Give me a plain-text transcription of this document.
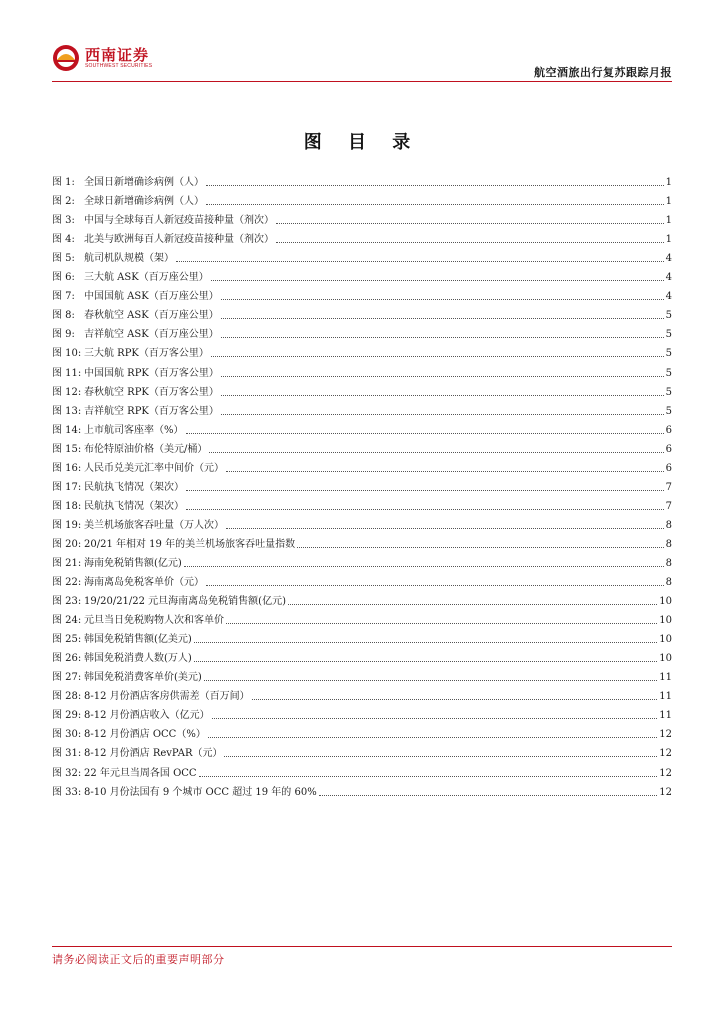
西南证券
SOUTHWEST SECURITIES
航空酒旅出行复苏跟踪月报
图 目 录
图 1: 全国日新增确诊病例（人）	1
图 2: 全球日新增确诊病例（人）	1
图 3: 中国与全球每百人新冠疫苗接种量（剂次）	1
图 4: 北美与欧洲每百人新冠疫苗接种量（剂次）	1
图 5: 航司机队规模（架）	4
图 6: 三大航 ASK（百万座公里）	4
图 7: 中国国航 ASK（百万座公里）	4
图 8: 春秋航空 ASK（百万座公里）	5
图 9: 吉祥航空 ASK（百万座公里）	5
图 10: 三大航 RPK（百万客公里）	5
图 11: 中国国航 RPK（百万客公里）	5
图 12: 春秋航空 RPK（百万客公里）	5
图 13: 吉祥航空 RPK（百万客公里）	5
图 14: 上市航司客座率（%）	6
图 15: 布伦特原油价格（美元/桶）	6
图 16: 人民币兑美元汇率中间价（元）	6
图 17: 民航执飞情况（架次）	7
图 18: 民航执飞情况（架次）	7
图 19: 美兰机场旅客吞吐量（万人次）	8
图 20: 20/21 年相对 19 年的美兰机场旅客吞吐量指数	8
图 21: 海南免税销售额(亿元)	8
图 22: 海南离岛免税客单价（元）	8
图 23: 19/20/21/22 元旦海南离岛免税销售额(亿元)	10
图 24: 元旦当日免税购物人次和客单价	10
图 25: 韩国免税销售额(亿美元)	10
图 26: 韩国免税消费人数(万人)	10
图 27: 韩国免税消费客单价(美元)	11
图 28: 8-12 月份酒店客房供需差（百万间）	11
图 29: 8-12 月份酒店收入（亿元）	11
图 30: 8-12 月份酒店 OCC（%）	12
图 31: 8-12 月份酒店 RevPAR（元）	12
图 32: 22 年元旦当周各国 OCC	12
图 33: 8-10 月份法国有 9 个城市 OCC 超过 19 年的 60%	12
请务必阅读正文后的重要声明部分
